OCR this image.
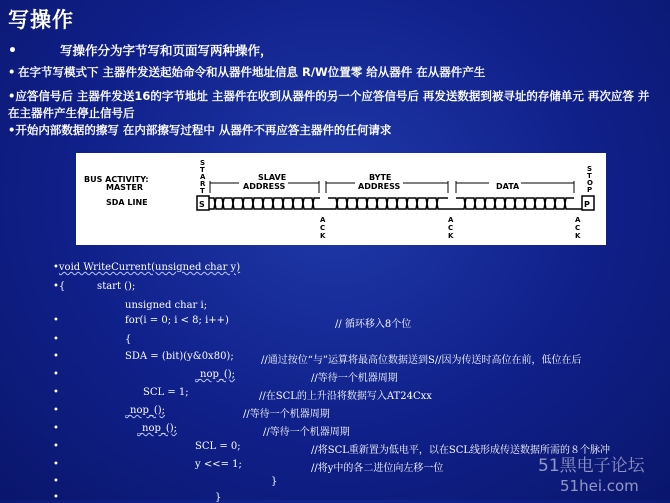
写操作
•	写操作分为字节写和页面写两种操作，
• 在字节写模式下 主器件发送起始命令和从器件地址信息 R/W位置零 给从器件 在从器件产生
•应答信号后 主器件发送16的字节地址 主器件在收到从器件的另一个应答信号后 再发送数据到被寻址的存储单元 再次应答 并在主器件产生停止信号后
•开始内部数据的擦写 在内部擦写过程中 从器件不再应答主器件的任何请求
BUS ACTIVITY:
MASTER
SDA LINE
S
T
A
R
T
S
T
O
P
SLAVE ADDRESS
BYTE ADDRESS	DATA
S	P
A
C
K
A
C
K
A
C
K
•void WriteCurrent(unsigned char y)
•{          start ();
unsigned char i;
•	for(i = 0; i < 8; i++)	// 循环移入8个位
•	{
•	SDA = (bit)(y&0x80);	//通过按位“与”运算将最高位数据送到S//因为传送时高位在前，低位在后
•	_nop_();	//等待一个机器周期
•	SCL = 1;	//在SCL的上升沿将数据写入AT24Cxx
•	_nop_();	//等待一个机器周期
•	_nop_();	//等待一个机器周期
•	SCL = 0;	//将SCL重新置为低电平，以在SCL线形成传送数据所需的８个脉冲
•	y <<= 1;	//将y中的各二进位向左移一位
•	}
•	}
51黑电子论坛
51hei.com
